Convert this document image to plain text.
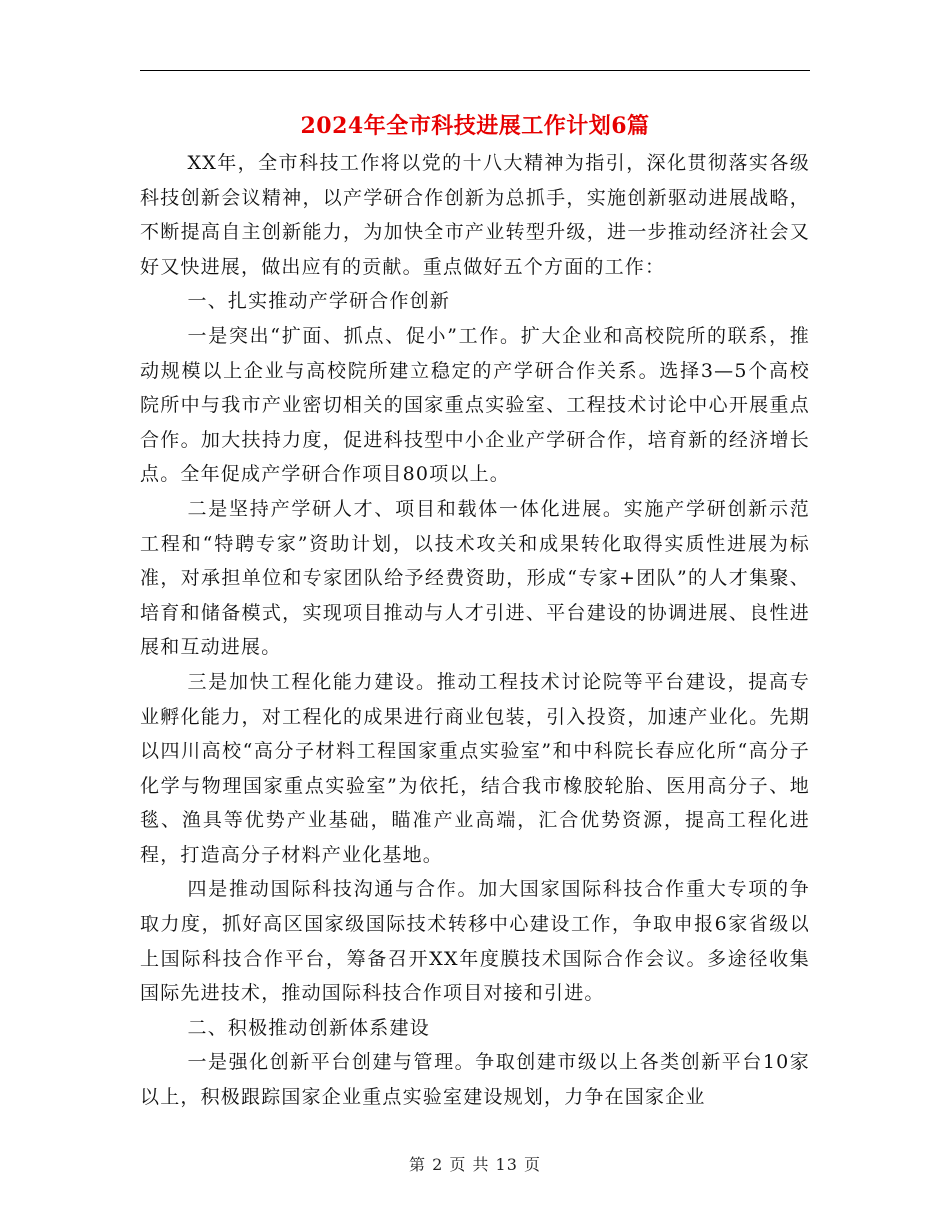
2024年全市科技进展工作计划6篇

XX年，全市科技工作将以党的十八大精神为指引，深化贯彻落实各级科技创新会议精神，以产学研合作创新为总抓手，实施创新驱动进展战略，不断提高自主创新能力，为加快全市产业转型升级，进一步推动经济社会又好又快进展，做出应有的贡献。重点做好五个方面的工作：

一、扎实推动产学研合作创新

一是突出“扩面、抓点、促小”工作。扩大企业和高校院所的联系，推动规模以上企业与高校院所建立稳定的产学研合作关系。选择3—5个高校院所中与我市产业密切相关的国家重点实验室、工程技术讨论中心开展重点合作。加大扶持力度，促进科技型中小企业产学研合作，培育新的经济增长点。全年促成产学研合作项目80项以上。

二是坚持产学研人才、项目和载体一体化进展。实施产学研创新示范工程和“特聘专家”资助计划，以技术攻关和成果转化取得实质性进展为标准，对承担单位和专家团队给予经费资助，形成“专家+团队”的人才集聚、培育和储备模式，实现项目推动与人才引进、平台建设的协调进展、良性进展和互动进展。

三是加快工程化能力建设。推动工程技术讨论院等平台建设，提高专业孵化能力，对工程化的成果进行商业包装，引入投资，加速产业化。先期以四川高校“高分子材料工程国家重点实验室”和中科院长春应化所“高分子化学与物理国家重点实验室”为依托，结合我市橡胶轮胎、医用高分子、地毯、渔具等优势产业基础，瞄准产业高端，汇合优势资源，提高工程化进程，打造高分子材料产业化基地。

四是推动国际科技沟通与合作。加大国家国际科技合作重大专项的争取力度，抓好高区国家级国际技术转移中心建设工作，争取申报6家省级以上国际科技合作平台，筹备召开XX年度膜技术国际合作会议。多途径收集国际先进技术，推动国际科技合作项目对接和引进。

二、积极推动创新体系建设

一是强化创新平台创建与管理。争取创建市级以上各类创新平台10家以上，积极跟踪国家企业重点实验室建设规划，力争在国家企业

第 2 页 共 13 页
